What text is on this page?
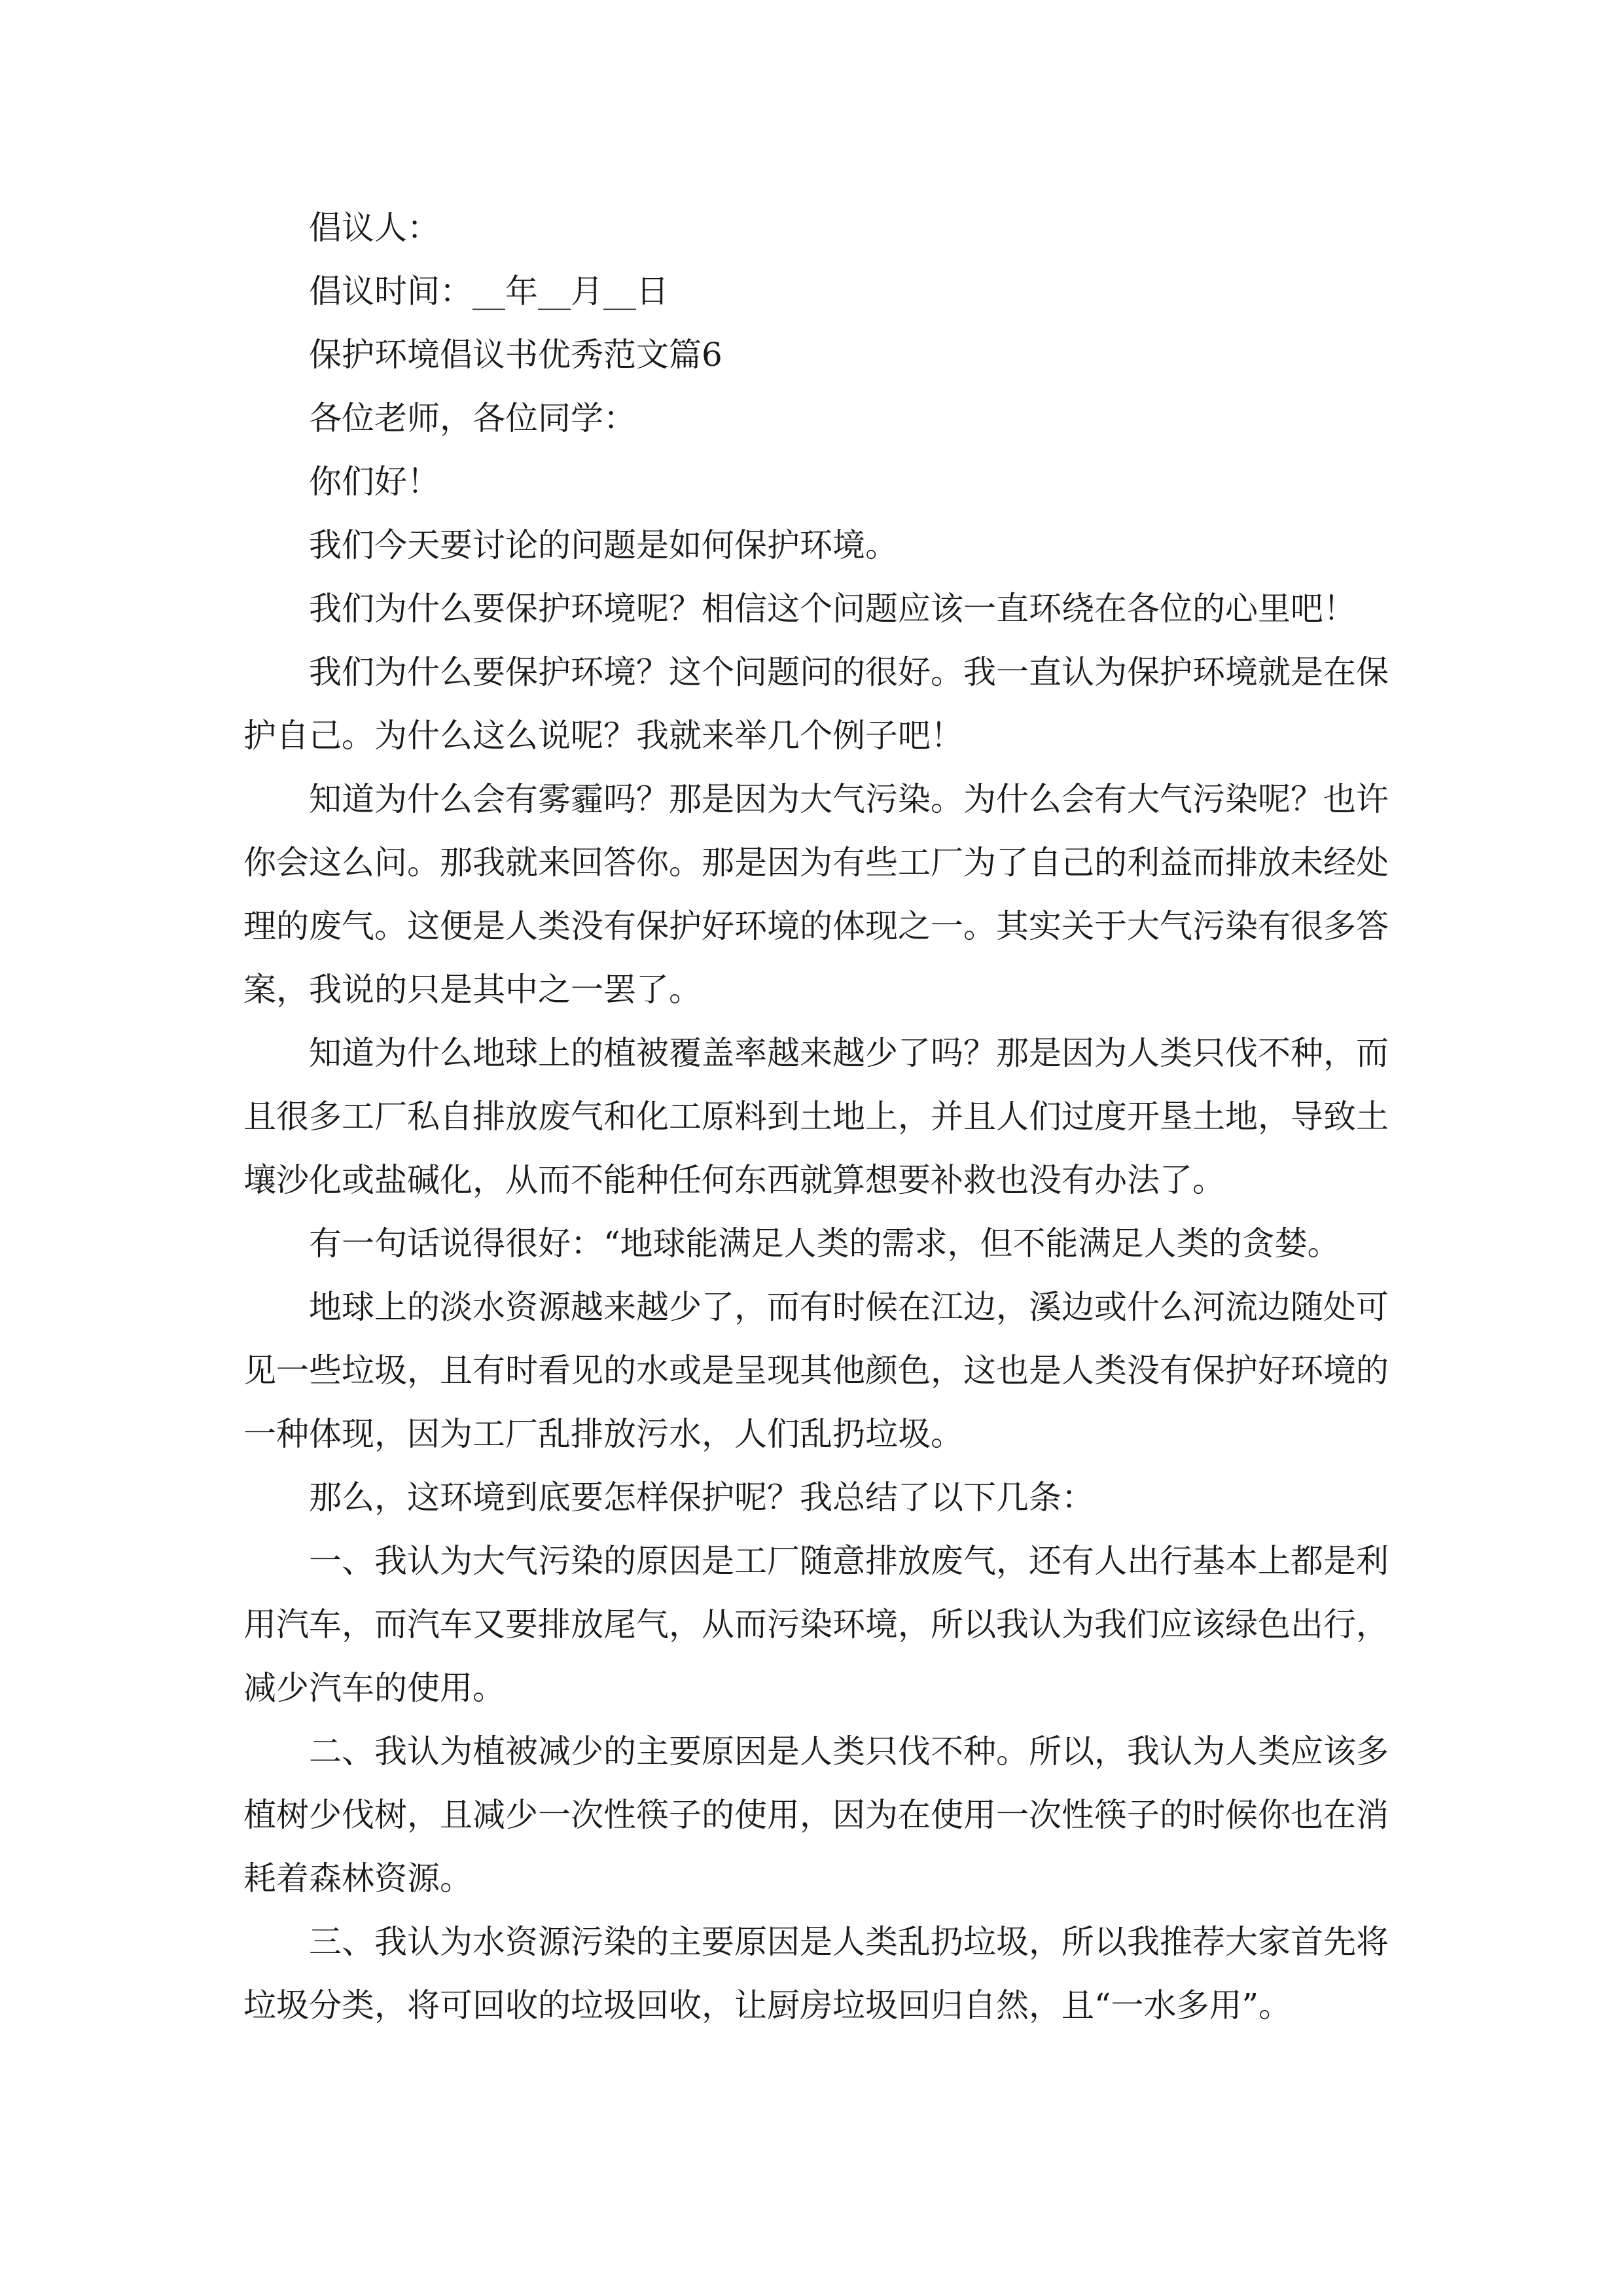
倡议人：

倡议时间：__年__月__日

保护环境倡议书优秀范文篇6

各位老师，各位同学：

你们好！

我们今天要讨论的问题是如何保护环境。

我们为什么要保护环境呢？相信这个问题应该一直环绕在各位的心里吧！

我们为什么要保护环境？这个问题问的很好。我一直认为保护环境就是在保护自己。为什么这么说呢？我就来举几个例子吧！

知道为什么会有雾霾吗？那是因为大气污染。为什么会有大气污染呢？也许你会这么问。那我就来回答你。那是因为有些工厂为了自己的利益而排放未经处理的废气。这便是人类没有保护好环境的体现之一。其实关于大气污染有很多答案，我说的只是其中之一罢了。

知道为什么地球上的植被覆盖率越来越少了吗？那是因为人类只伐不种，而且很多工厂私自排放废气和化工原料到土地上，并且人们过度开垦土地，导致土壤沙化或盐碱化，从而不能种任何东西就算想要补救也没有办法了。

有一句话说得很好：“地球能满足人类的需求，但不能满足人类的贪婪。

地球上的淡水资源越来越少了，而有时候在江边，溪边或什么河流边随处可见一些垃圾，且有时看见的水或是呈现其他颜色，这也是人类没有保护好环境的一种体现，因为工厂乱排放污水，人们乱扔垃圾。

那么，这环境到底要怎样保护呢？我总结了以下几条：

一、我认为大气污染的原因是工厂随意排放废气，还有人出行基本上都是利用汽车，而汽车又要排放尾气，从而污染环境，所以我认为我们应该绿色出行，减少汽车的使用。

二、我认为植被减少的主要原因是人类只伐不种。所以，我认为人类应该多植树少伐树，且减少一次性筷子的使用，因为在使用一次性筷子的时候你也在消耗着森林资源。

三、我认为水资源污染的主要原因是人类乱扔垃圾，所以我推荐大家首先将垃圾分类，将可回收的垃圾回收，让厨房垃圾回归自然，且“一水多用”。
